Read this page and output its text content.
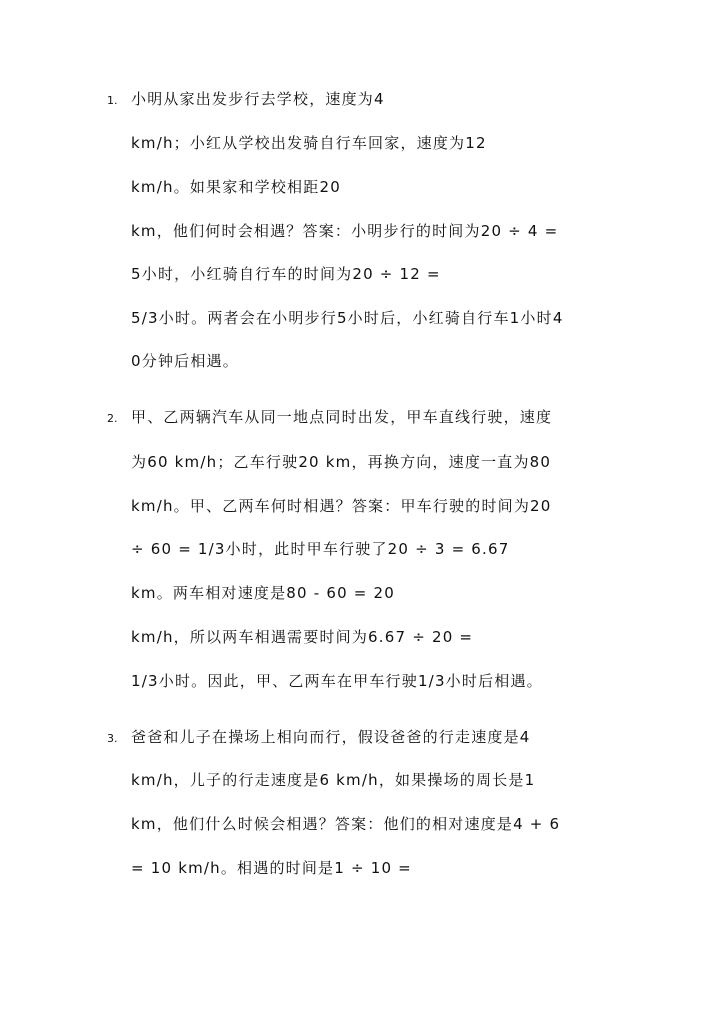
1. 小明从家出发步行去学校，速度为4
km/h；小红从学校出发骑自行车回家，速度为12
km/h。如果家和学校相距20
km，他们何时会相遇？答案：小明步行的时间为20 ÷ 4 =
5小时，小红骑自行车的时间为20 ÷ 12 =
5/3小时。两者会在小明步行5小时后，小红骑自行车1小时4
0分钟后相遇。
2. 甲、乙两辆汽车从同一地点同时出发，甲车直线行驶，速度
为60 km/h；乙车行驶20 km，再换方向，速度一直为80
km/h。甲、乙两车何时相遇？答案：甲车行驶的时间为20
÷ 60 = 1/3小时，此时甲车行驶了20 ÷ 3 = 6.67
km。两车相对速度是80 - 60 = 20
km/h，所以两车相遇需要时间为6.67 ÷ 20 =
1/3小时。因此，甲、乙两车在甲车行驶1/3小时后相遇。
3. 爸爸和儿子在操场上相向而行，假设爸爸的行走速度是4
km/h，儿子的行走速度是6 km/h，如果操场的周长是1
km，他们什么时候会相遇？答案：他们的相对速度是4 + 6
= 10 km/h。相遇的时间是1 ÷ 10 =
